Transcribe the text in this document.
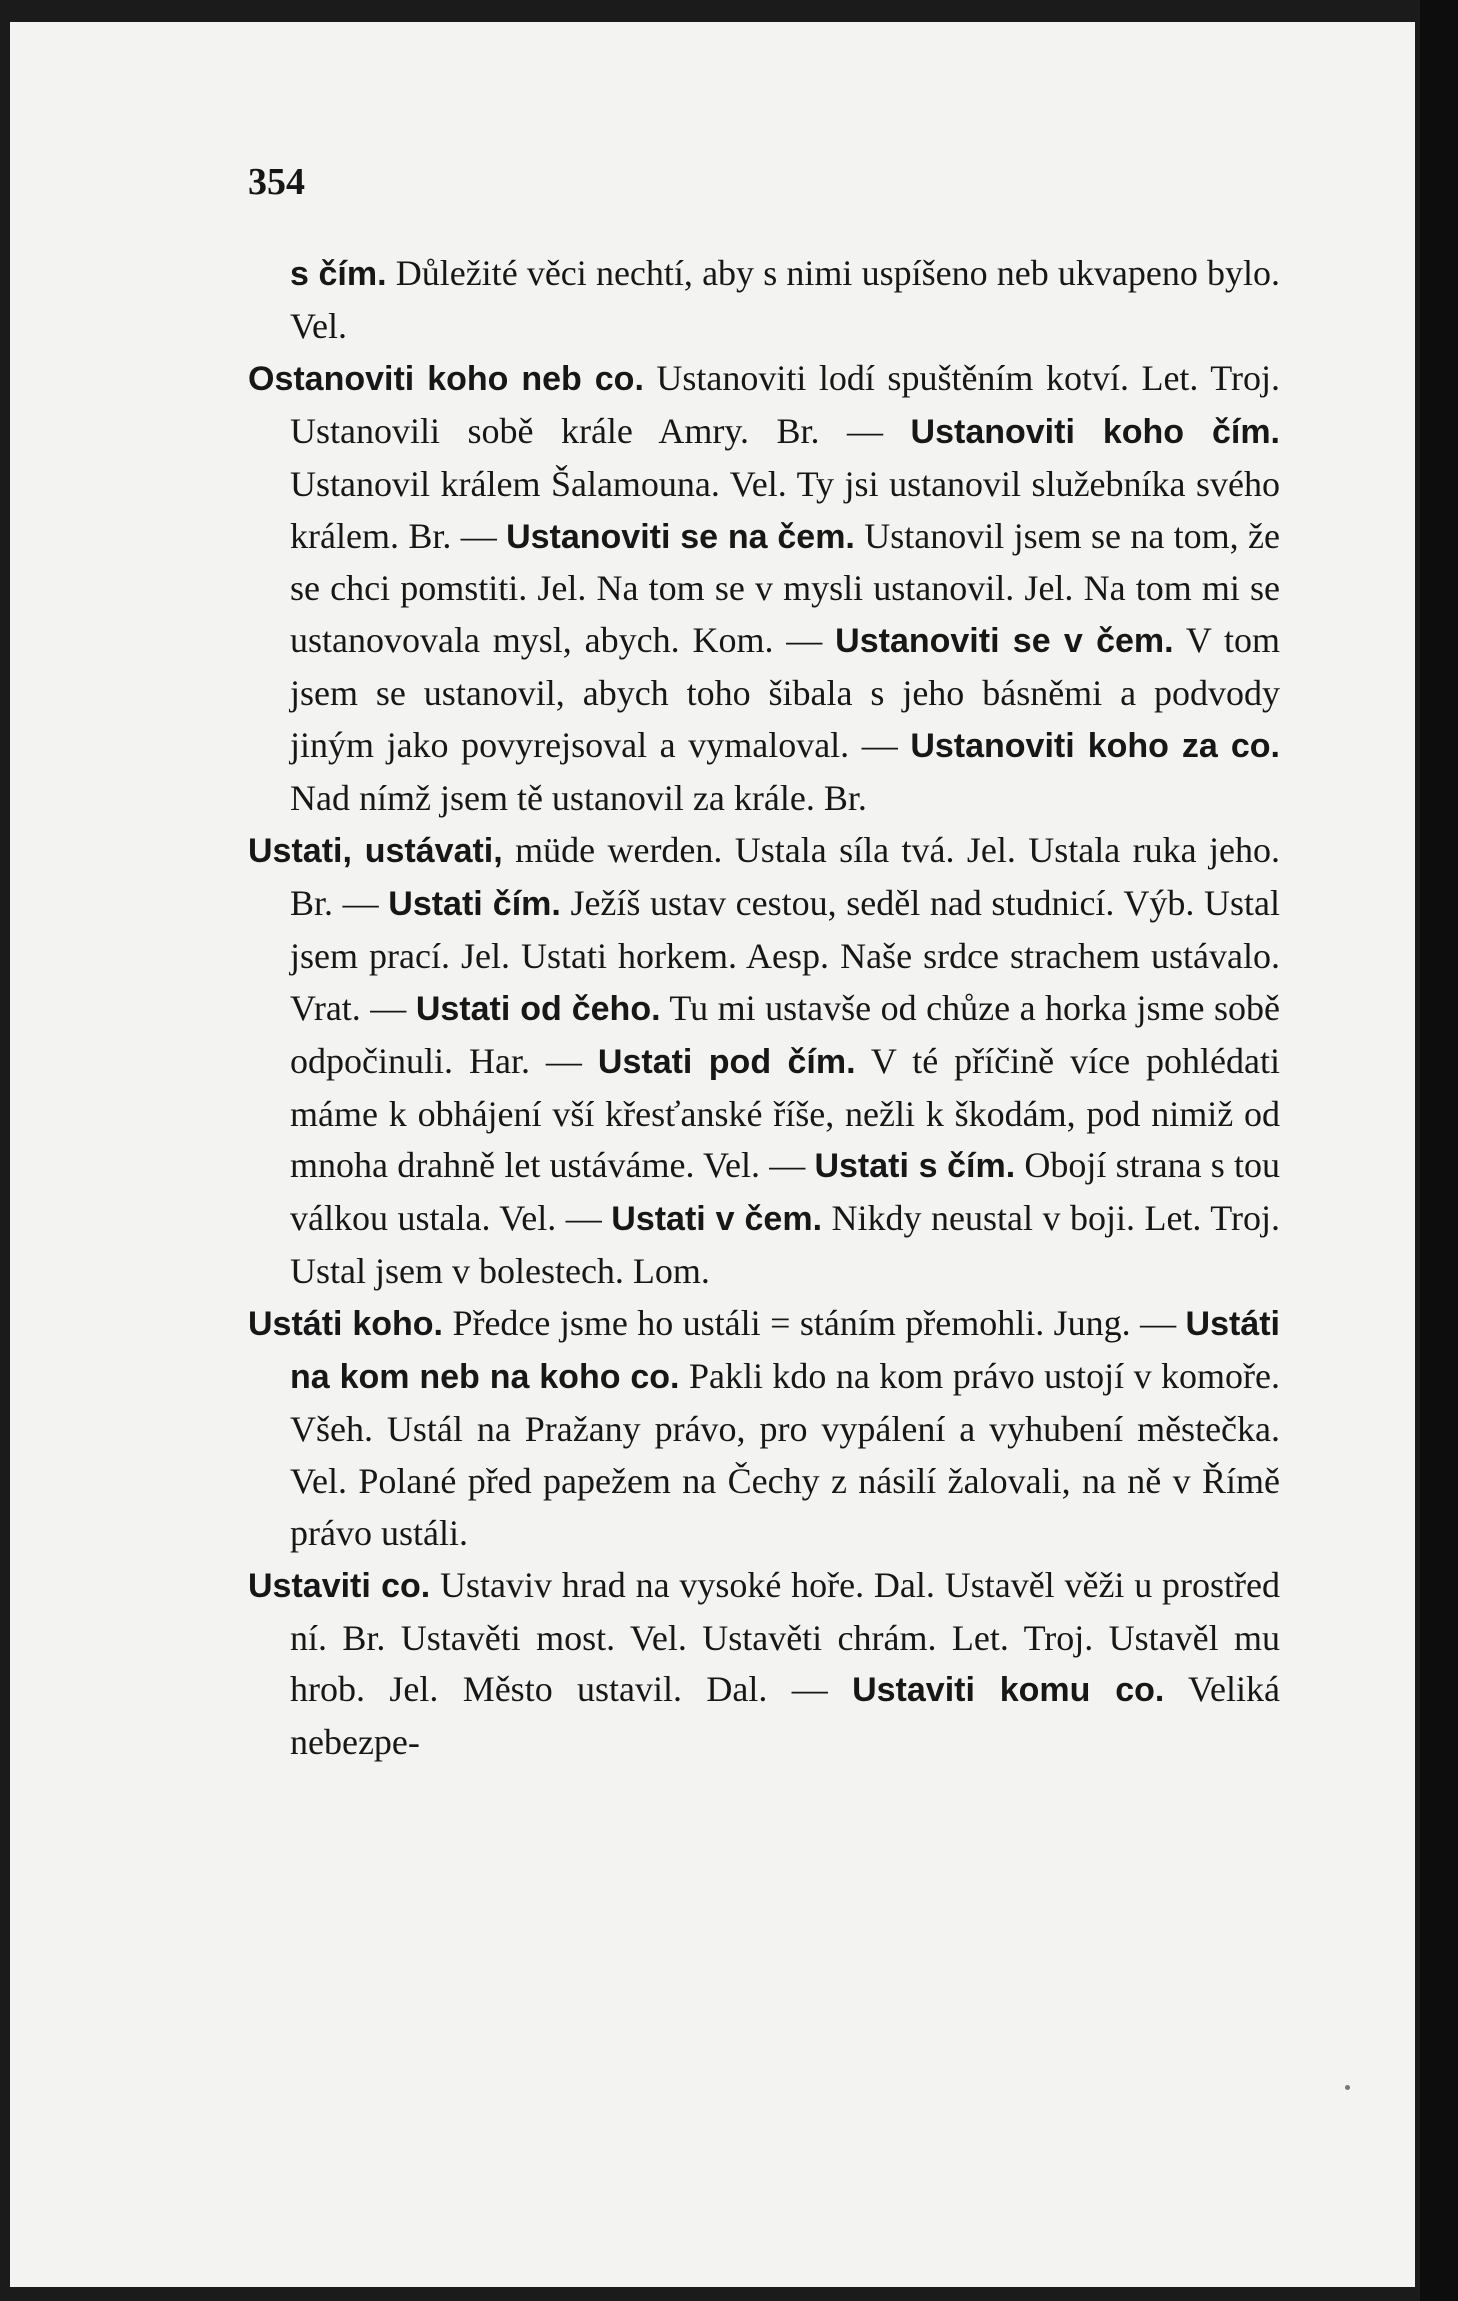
354
s čím. Důležité věci nechtí, aby s nimi uspíšeno neb ukvapeno bylo. Vel.
Ostanoviti koho neb co. Ustanoviti lodí spuštěním kotví. Let. Troj. Ustanovili sobě krále Amry. Br. — Ustanoviti koho čím. Ustanovil králem Šalamouna. Vel. Ty jsi ustanovil služebníka svého králem. Br. — Ustanoviti se na čem. Ustanovil jsem se na tom, že se chci pomstiti. Jel. Na tom se v mysli ustanovil. Jel. Na tom mi se ustanovovala mysl, abych. Kom. — Ustanoviti se v čem. V tom jsem se ustanovil, abych toho šibala s jeho básněmi a podvody jiným jako povyrejsoval a vymaloval. — Ustanoviti koho za co. Nad nímž jsem tě ustanovil za krále. Br.
Ustati, ustávati, müde werden. Ustala síla tvá. Jel. Ustala ruka jeho. Br. — Ustati čím. Ježíš ustav cestou, seděl nad studnicí. Výb. Ustal jsem prací. Jel. Ustati horkem. Aesp. Naše srdce strachem ustávalo. Vrat. — Ustati od čeho. Tu mi ustavše od chůze a horka jsme sobě odpočinuli. Har. — Ustati pod čím. V té příčině více pohlédati máme k obhájení vší křesťanské říše, nežli k škodám, pod nimiž od mnoha drahně let ustáváme. Vel. — Ustati s čím. Obojí strana s tou válkou ustala. Vel. — Ustati v čem. Nikdy neustal v boji. Let. Troj. Ustal jsem v bolestech. Lom.
Ustáti koho. Předce jsme ho ustáli = stáním přemohli. Jung. — Ustáti na kom neb na koho co. Pakli kdo na kom právo ustojí v komoře. Všeh. Ustál na Pražany právo, pro vypálení a vyhubení městečka. Vel. Polané před papežem na Čechy z násilí žalovali, na ně v Římě právo ustáli.
Ustaviti co. Ustaviv hrad na vysoké hoře. Dal. Ustavěl věži u prostřed ní. Br. Ustavěti most. Vel. Ustavěti chrám. Let. Troj. Ustavěl mu hrob. Jel. Město ustavil. Dal. — Ustaviti komu co. Veliká nebezpe-
